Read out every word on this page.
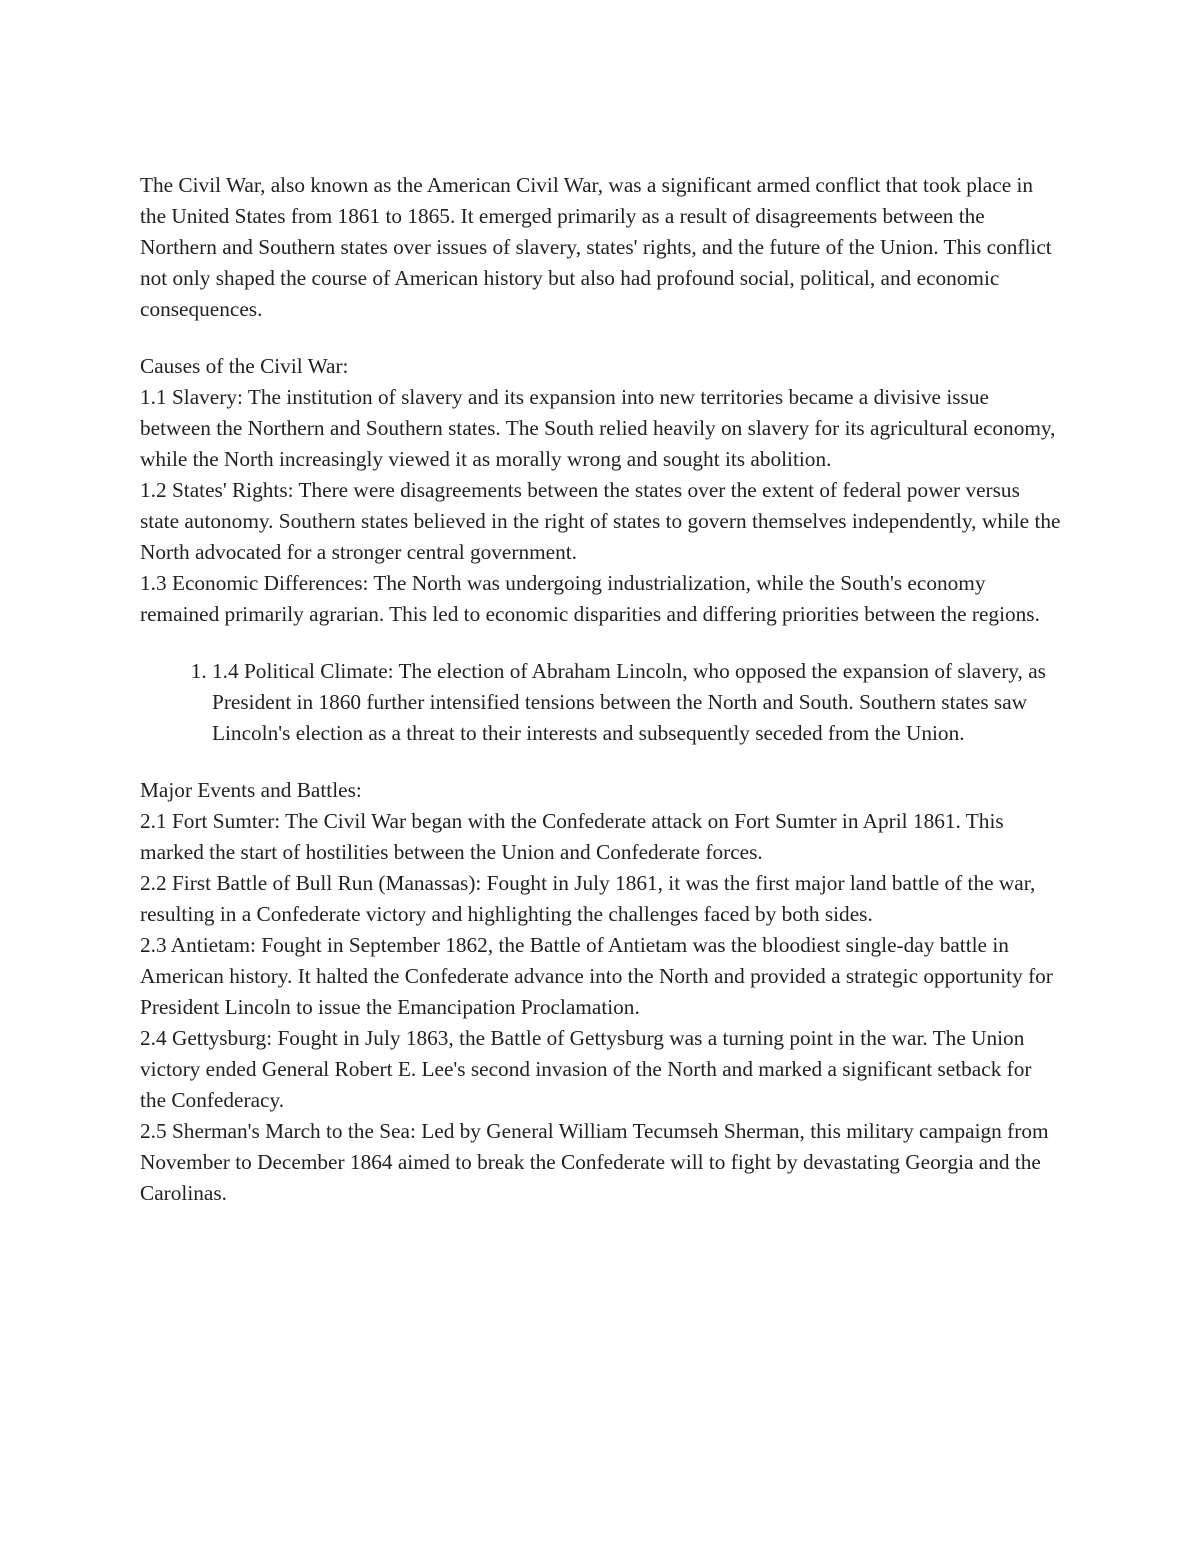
The Civil War, also known as the American Civil War, was a significant armed conflict that took place in the United States from 1861 to 1865. It emerged primarily as a result of disagreements between the Northern and Southern states over issues of slavery, states' rights, and the future of the Union. This conflict not only shaped the course of American history but also had profound social, political, and economic consequences.

Causes of the Civil War:

1.1 Slavery: The institution of slavery and its expansion into new territories became a divisive issue between the Northern and Southern states. The South relied heavily on slavery for its agricultural economy, while the North increasingly viewed it as morally wrong and sought its abolition.

1.2 States' Rights: There were disagreements between the states over the extent of federal power versus state autonomy. Southern states believed in the right of states to govern themselves independently, while the North advocated for a stronger central government.

1.3 Economic Differences: The North was undergoing industrialization, while the South's economy remained primarily agrarian. This led to economic disparities and differing priorities between the regions.

1. 1.4 Political Climate: The election of Abraham Lincoln, who opposed the expansion of slavery, as President in 1860 further intensified tensions between the North and South. Southern states saw Lincoln's election as a threat to their interests and subsequently seceded from the Union.

Major Events and Battles:

2.1 Fort Sumter: The Civil War began with the Confederate attack on Fort Sumter in April 1861. This marked the start of hostilities between the Union and Confederate forces.

2.2 First Battle of Bull Run (Manassas): Fought in July 1861, it was the first major land battle of the war, resulting in a Confederate victory and highlighting the challenges faced by both sides.

2.3 Antietam: Fought in September 1862, the Battle of Antietam was the bloodiest single-day battle in American history. It halted the Confederate advance into the North and provided a strategic opportunity for President Lincoln to issue the Emancipation Proclamation.

2.4 Gettysburg: Fought in July 1863, the Battle of Gettysburg was a turning point in the war. The Union victory ended General Robert E. Lee's second invasion of the North and marked a significant setback for the Confederacy.

2.5 Sherman's March to the Sea: Led by General William Tecumseh Sherman, this military campaign from November to December 1864 aimed to break the Confederate will to fight by devastating Georgia and the Carolinas.
